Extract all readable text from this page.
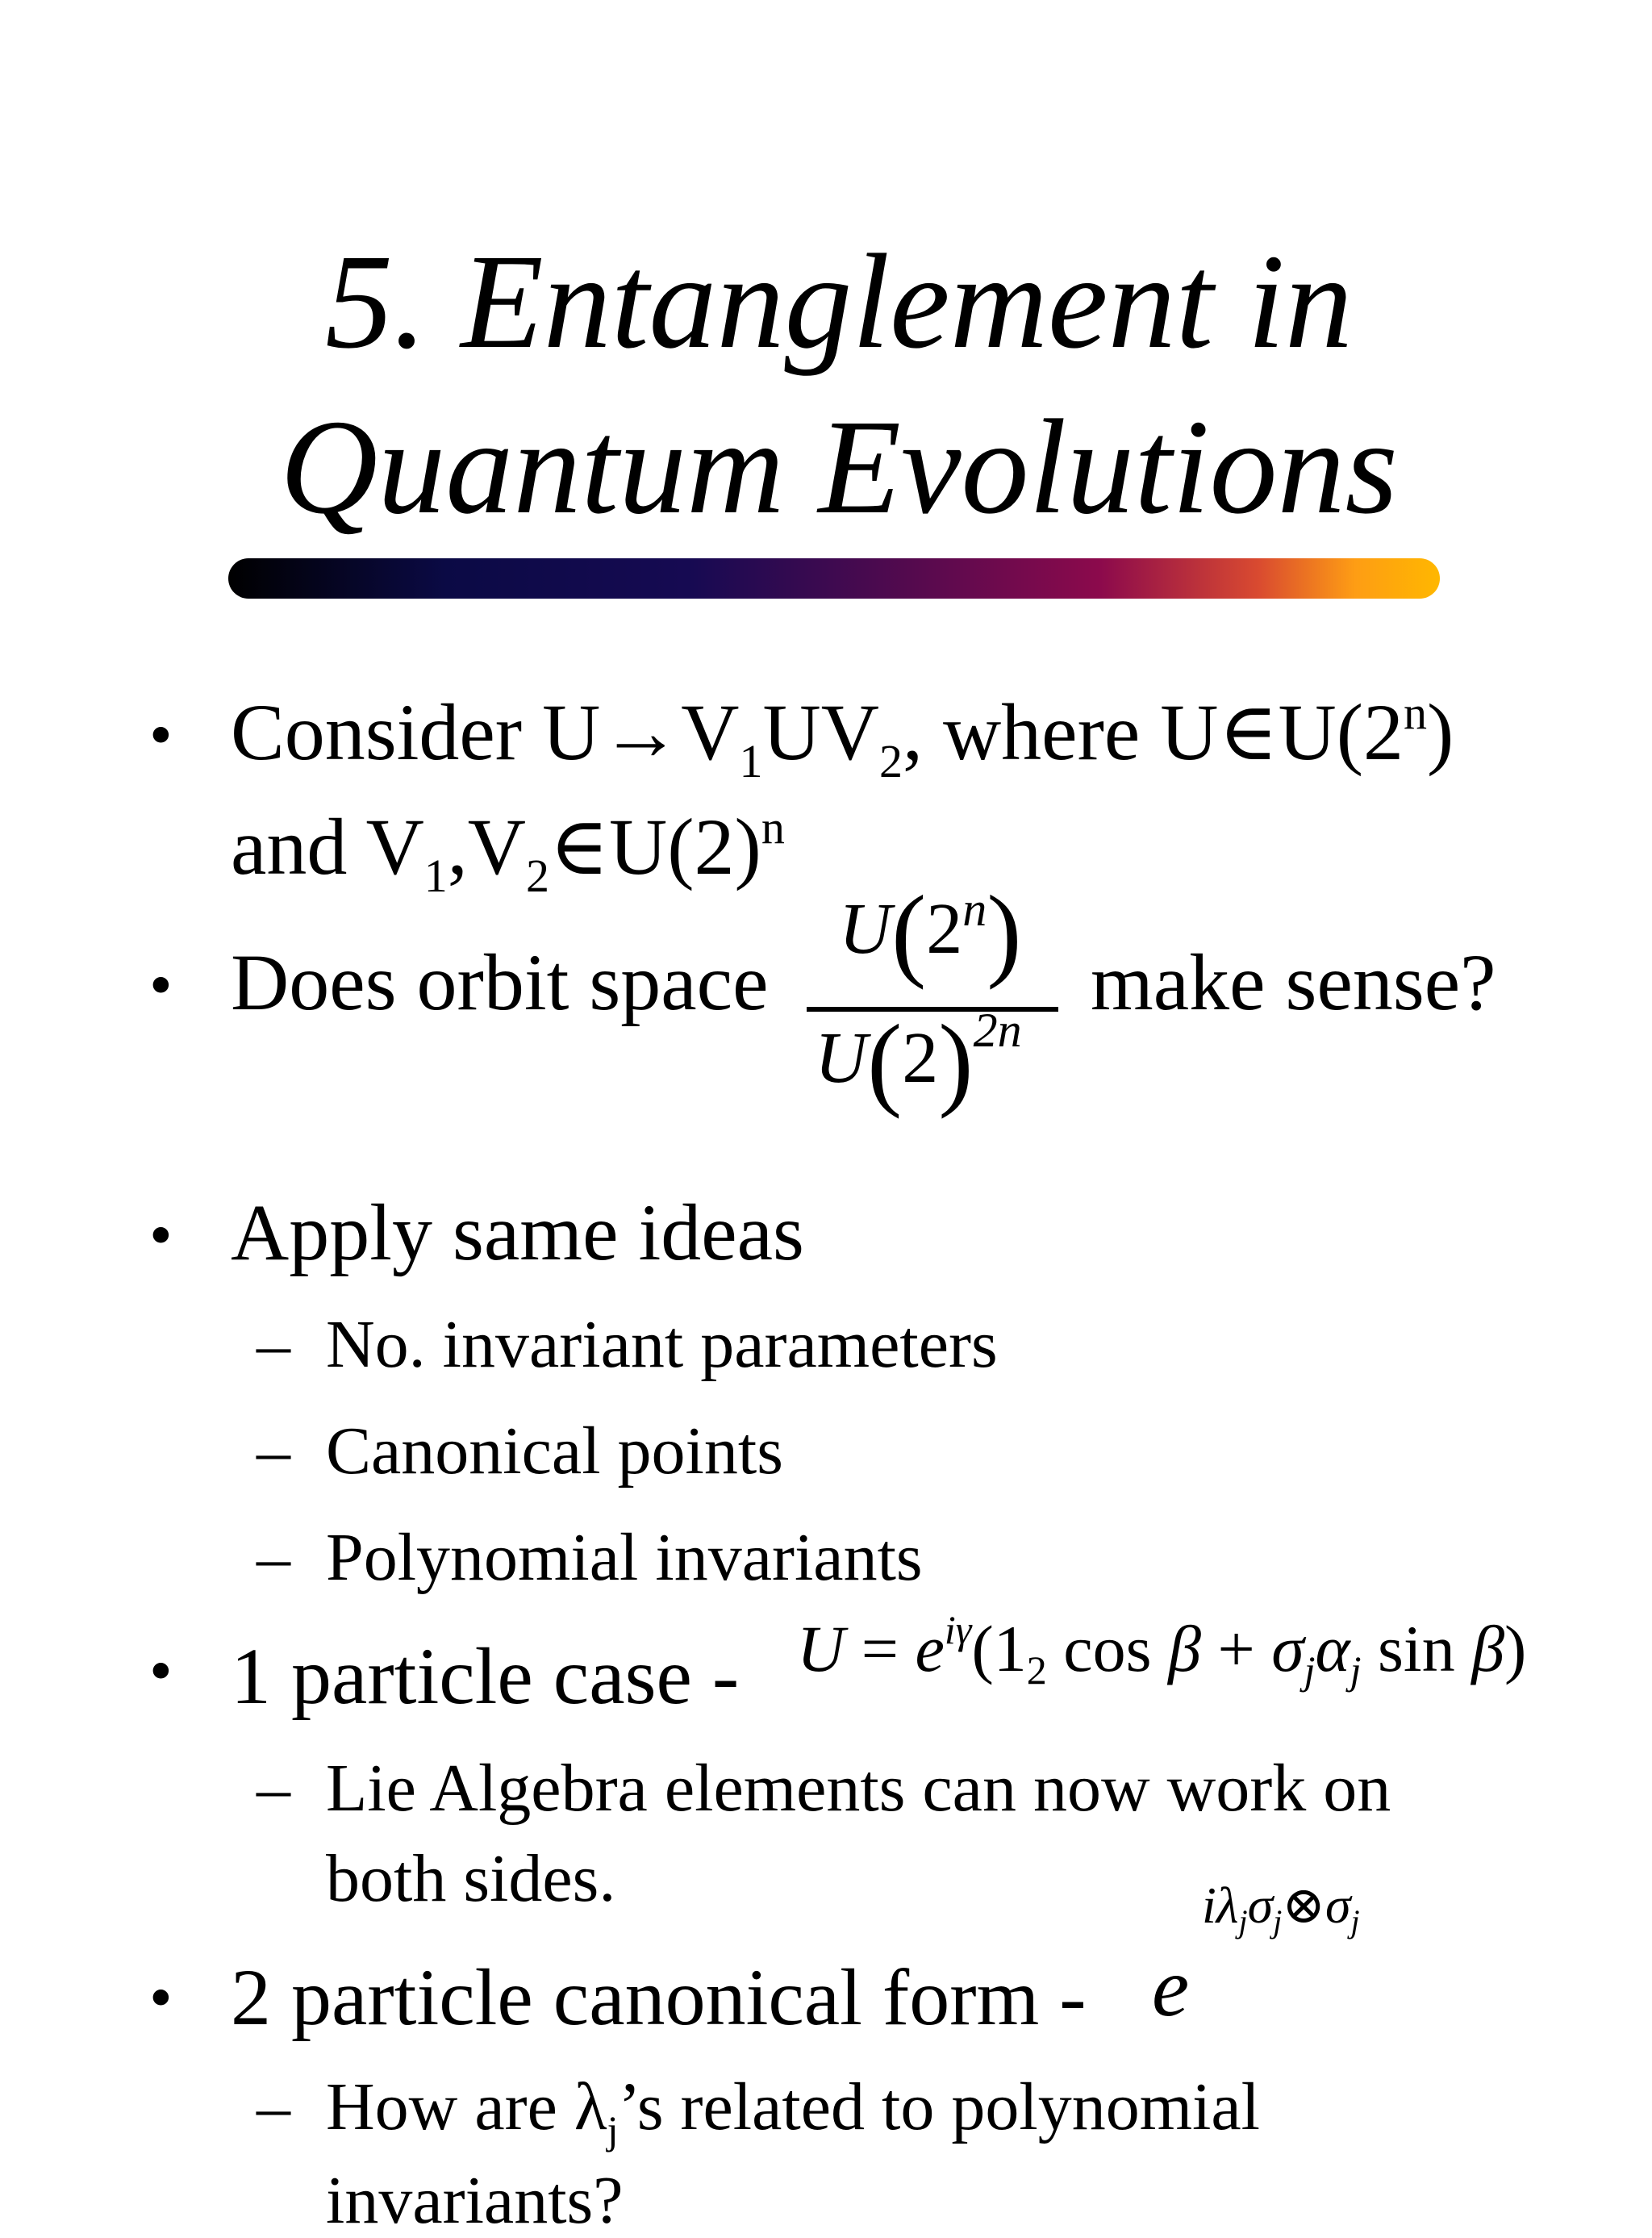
5. Entanglement in
Quantum Evolutions
• Consider $U\to V_1UV_2$, where U∈U(2$^n$)
and $V_1,V_2\in U(2)^n$
• Does orbit space
U(2$^n$)
$U(2)^{2n}$
make sense?
• Apply same ideas
– No. invariant parameters
– Canonical points
– Polynomial invariants
• 1 particle case - $U = e^{i\gamma}(1_2$ $\cos \beta + \sigma_j\alpha_j$ sin β)
– Lie Algebra elements can now work on
both sides.
• 2 particle canonical form - e
$i\lambda_j\sigma_j\otimes\sigma_j$
– How are $\lambda_j’s$ related to polynomial
invariants?
